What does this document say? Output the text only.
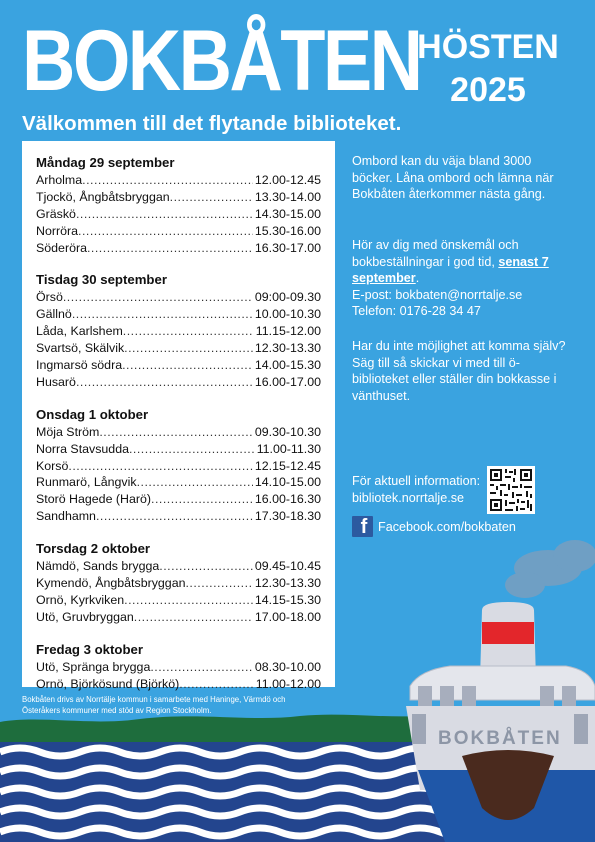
BOKBÅTEN
HÖSTEN
2025
Välkommen till det flytande biblioteket.
Måndag 29 september
Arholma .....	12.00-12.45
Tjockö, Ångbåtsbryggan .....	13.30-14.00
Gräskö .....	14.30-15.00
Norröra .....	15.30-16.00
Söderöra .....	16.30-17.00
Tisdag 30 september
Örsö .....	09:00-09.30
Gällnö .....	10.00-10.30
Låda, Karlshem .....	11.15-12.00
Svartsö, Skälvik .....	12.30-13.30
Ingmarsö södra .....	14.00-15.30
Husarö .....	16.00-17.00
Onsdag 1 oktober
Möja Ström .....	09.30-10.30
Norra Stavsudda .....	11.00-11.30
Korsö .....	12.15-12.45
Runmarö, Långvik .....	14.10-15.00
Storö Hagede (Harö) .....	16.00-16.30
Sandhamn .....	17.30-18.30
Torsdag 2 oktober
Nämdö, Sands brygga .....	09.45-10.45
Kymendö, Ångbåtsbryggan .....	12.30-13.30
Ornö, Kyrkviken .....	14.15-15.30
Utö, Gruvbryggan .....	17.00-18.00
Fredag 3 oktober
Utö, Spränga brygga .....	08.30-10.00
Ornö, Björkösund (Björkö) .....	11.00-12.00
Ombord kan du väja bland 3000 böcker. Låna ombord och lämna när Bokbåten återkommer nästa gång.
Hör av dig med önskemål och bokbeställningar i god tid, senast 7 september.
E-post: bokbaten@norrtalje.se
Telefon: 0176-28 34 47
Har du inte möjlighet att komma själv? Säg till så skickar vi med till ö-biblioteket eller ställer din bokkasse i vänthuset.
För aktuell information:
bibliotek.norrtalje.se
f Facebook.com/bokbaten
Bokbåten drivs av Norrtälje kommun i samarbete med Haninge, Värmdö och Österåkers kommuner med stöd av Region Stockholm.
BOKBÅTEN
